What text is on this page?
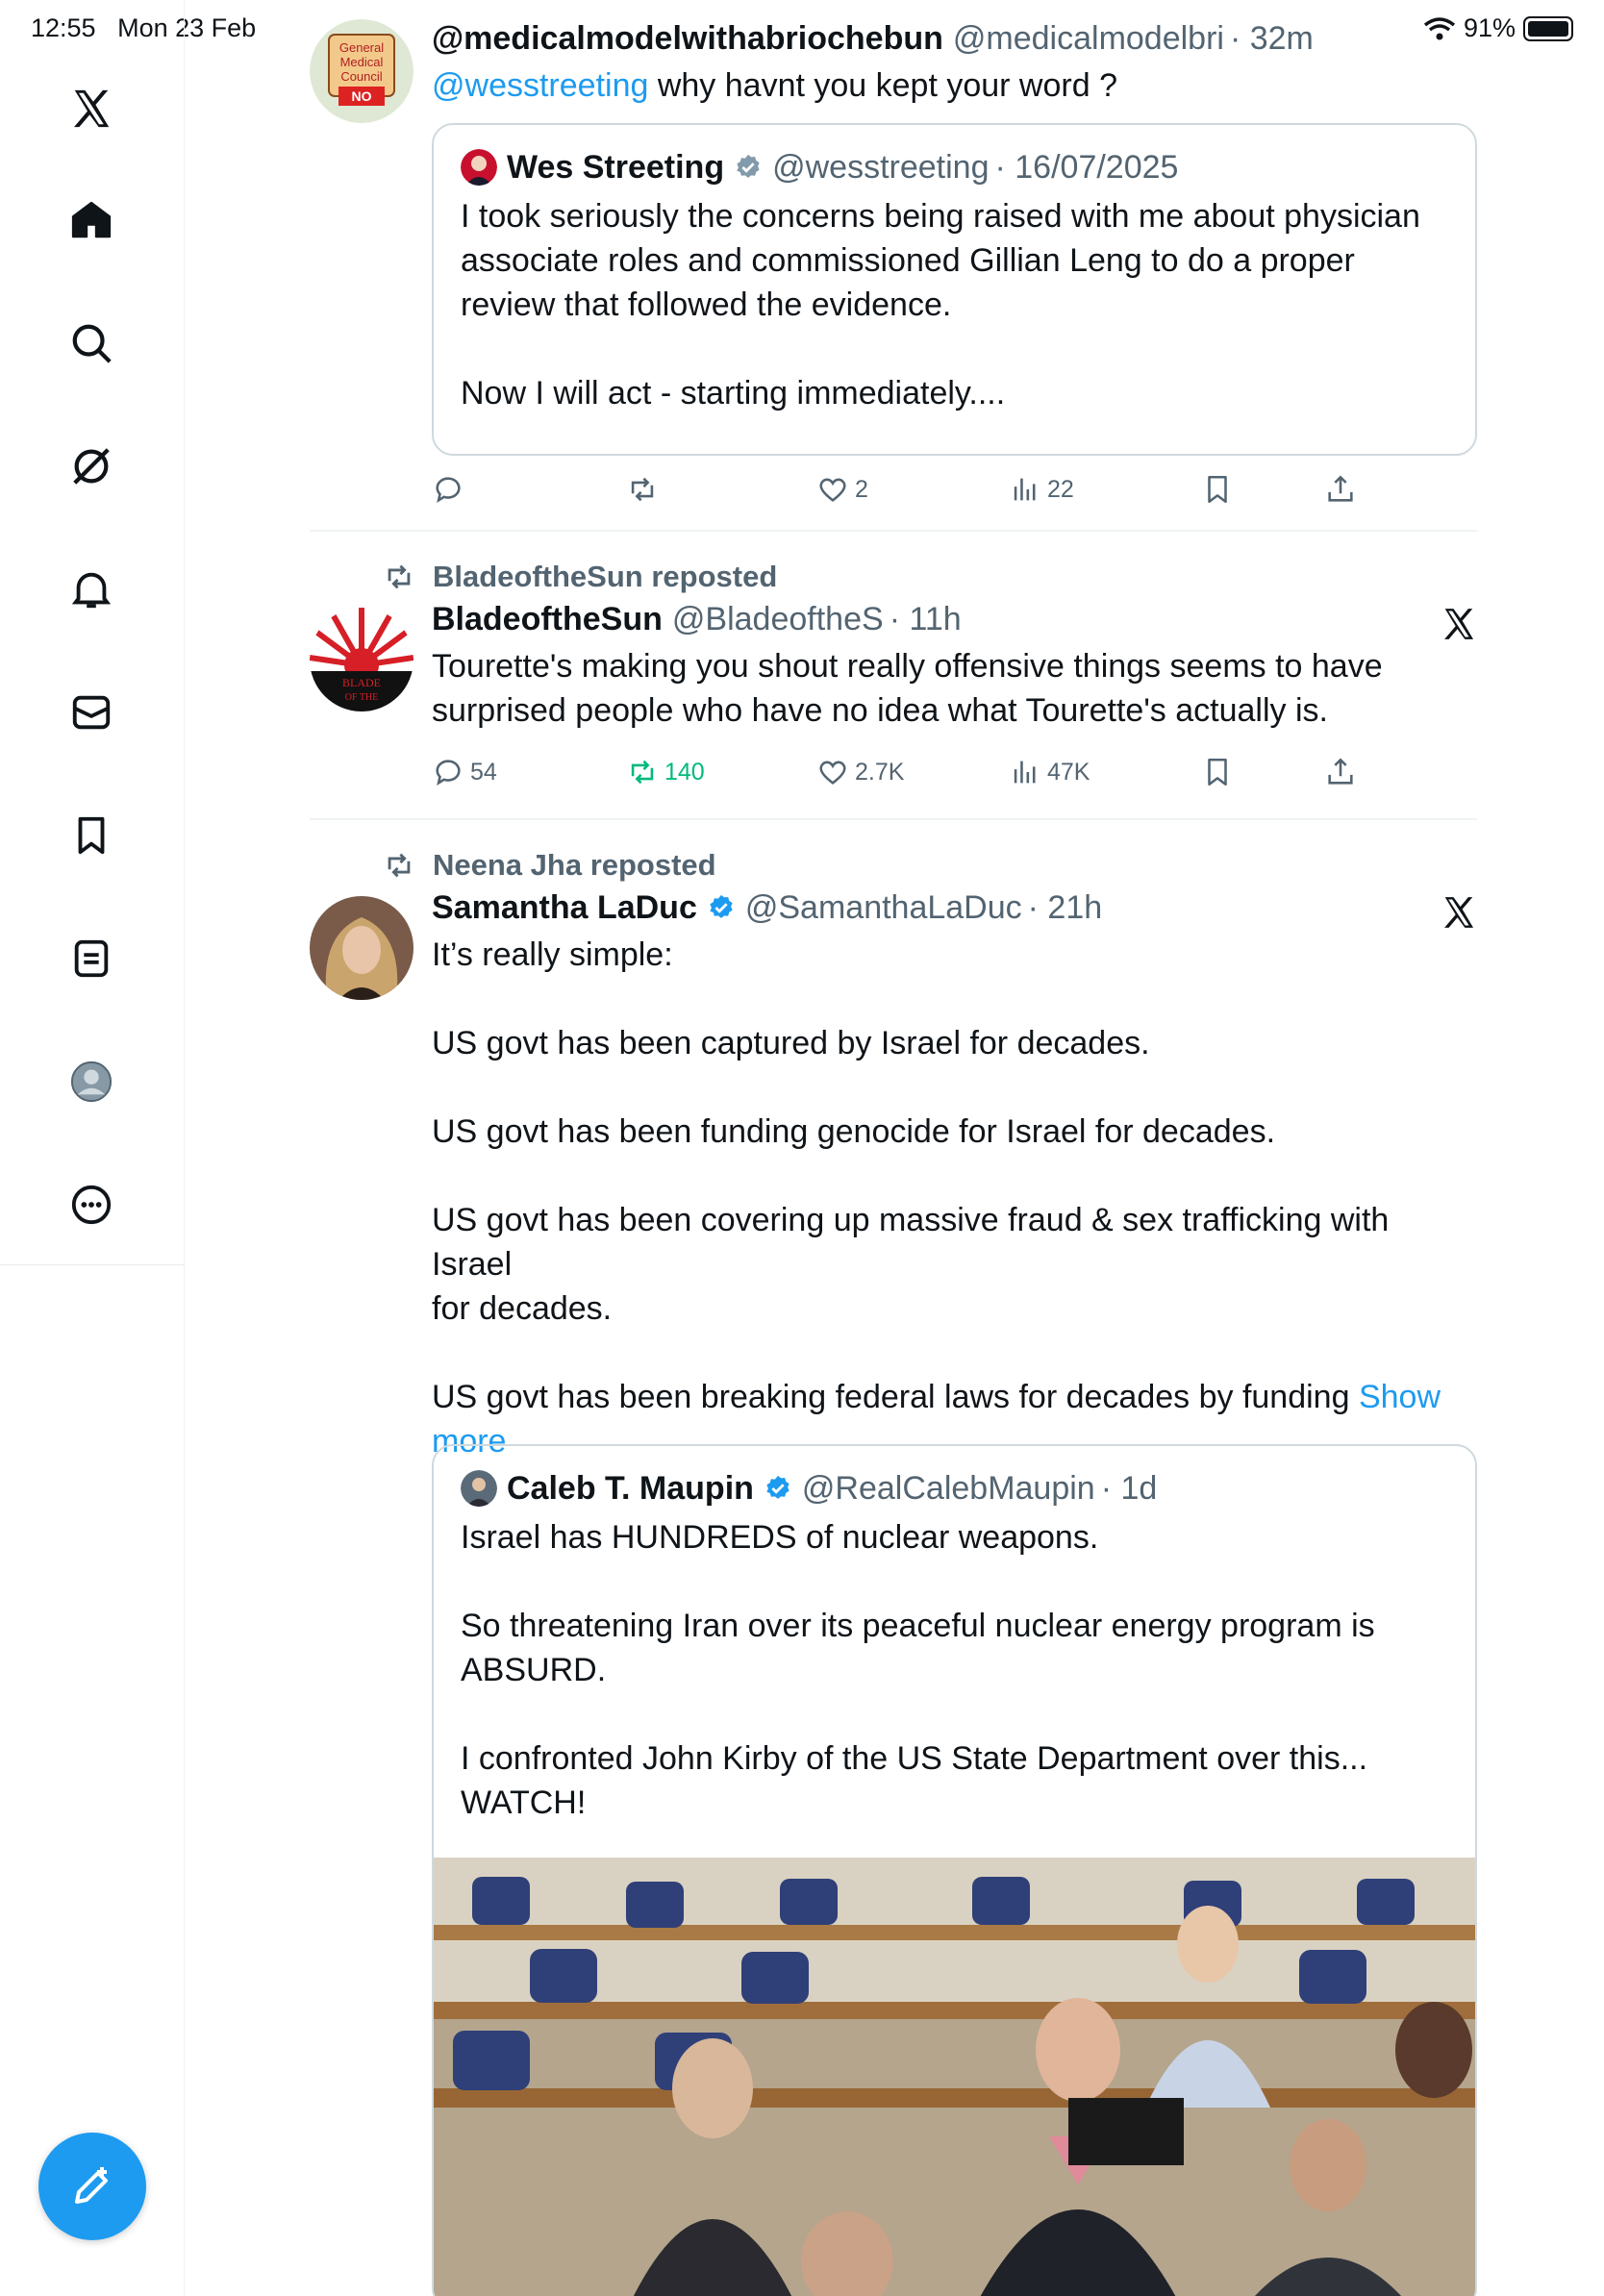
12:55 Mon 23 Feb	91%
General
Medical
Council
NO
@medicalmodelwithabriochebun @medicalmodelbri · 32m
@wesstreeting why havnt you kept your word ?
Wes Streeting @wesstreeting · 16/07/2025
I took seriously the concerns being raised with me about physician
associate roles and commissioned Gillian Leng to do a proper
review that followed the evidence.
Now I will act - starting immediately....
2	22
BladeoftheSun reposted
BLADE
OF THE
BladeoftheSun @BladeoftheS · 11h
Tourette's making you shout really offensive things seems to have
surprised people who have no idea what Tourette's actually is.
54	140	2.7K	47K
Neena Jha reposted
Samantha LaDuc @SamanthaLaDuc · 21h
It’s really simple:
US govt has been captured by Israel for decades.
US govt has been funding genocide for Israel for decades.
US govt has been covering up massive fraud & sex trafficking with Israel
for decades.
US govt has been breaking federal laws for decades by funding Show
more
Caleb T. Maupin @RealCalebMaupin · 1d
Israel has HUNDREDS of nuclear weapons.
So threatening Iran over its peaceful nuclear energy program is
ABSURD.
I confronted John Kirby of the US State Department over this...
WATCH!
